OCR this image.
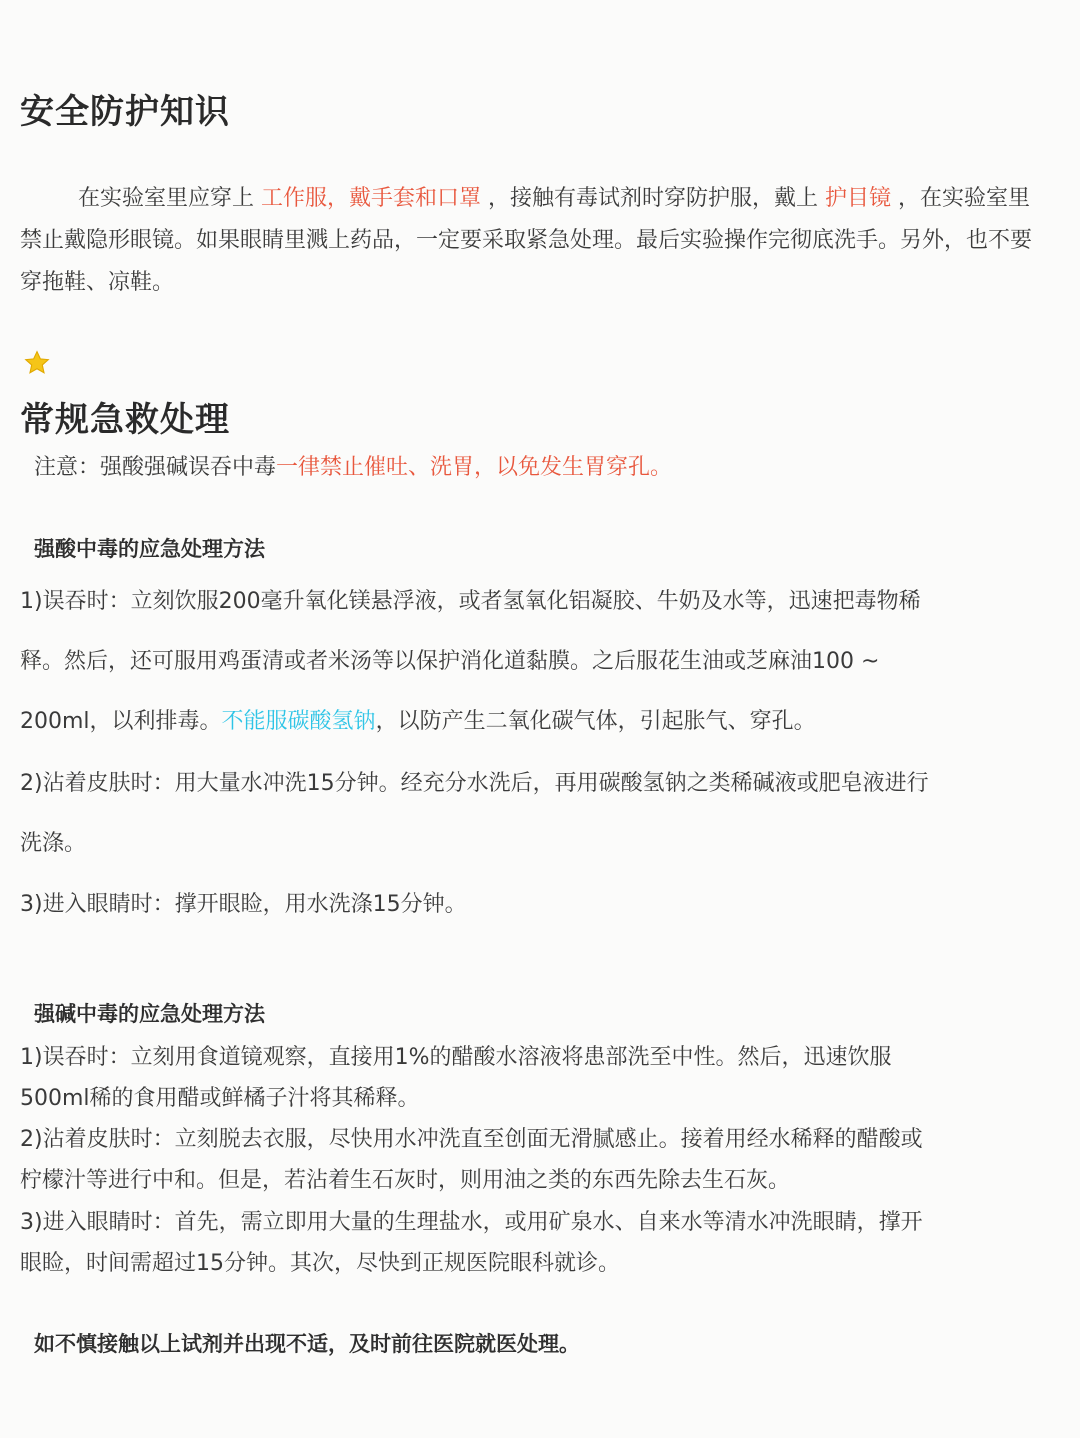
安全防护知识

在实验室里应穿上 工作服，戴手套和口罩 ，接触有毒试剂时穿防护服，戴上 护目镜 ，在实验室里禁止戴隐形眼镜。如果眼睛里溅上药品，一定要采取紧急处理。最后实验操作完彻底洗手。另外，也不要穿拖鞋、凉鞋。

常规急救处理

注意：强酸强碱误吞中毒一律禁止催吐、洗胃，以免发生胃穿孔。

强酸中毒的应急处理方法

1)误吞时：立刻饮服200毫升氧化镁悬浮液，或者氢氧化铝凝胶、牛奶及水等，迅速把毒物稀

释。然后，还可服用鸡蛋清或者米汤等以保护消化道黏膜。之后服花生油或芝麻油100 ~

200ml，以利排毒。不能服碳酸氢钠，以防产生二氧化碳气体，引起胀气、穿孔。

2)沾着皮肤时：用大量水冲洗15分钟。经充分水洗后，再用碳酸氢钠之类稀碱液或肥皂液进行

洗涤。

3)进入眼睛时：撑开眼睑，用水洗涤15分钟。

强碱中毒的应急处理方法

1)误吞时：立刻用食道镜观察，直接用1%的醋酸水溶液将患部洗至中性。然后，迅速饮服

500ml稀的食用醋或鲜橘子汁将其稀释。

2)沾着皮肤时：立刻脱去衣服，尽快用水冲洗直至创面无滑腻感止。接着用经水稀释的醋酸或

柠檬汁等进行中和。但是，若沾着生石灰时，则用油之类的东西先除去生石灰。

3)进入眼睛时：首先，需立即用大量的生理盐水，或用矿泉水、自来水等清水冲洗眼睛，撑开

眼睑，时间需超过15分钟。其次，尽快到正规医院眼科就诊。

如不慎接触以上试剂并出现不适，及时前往医院就医处理。
